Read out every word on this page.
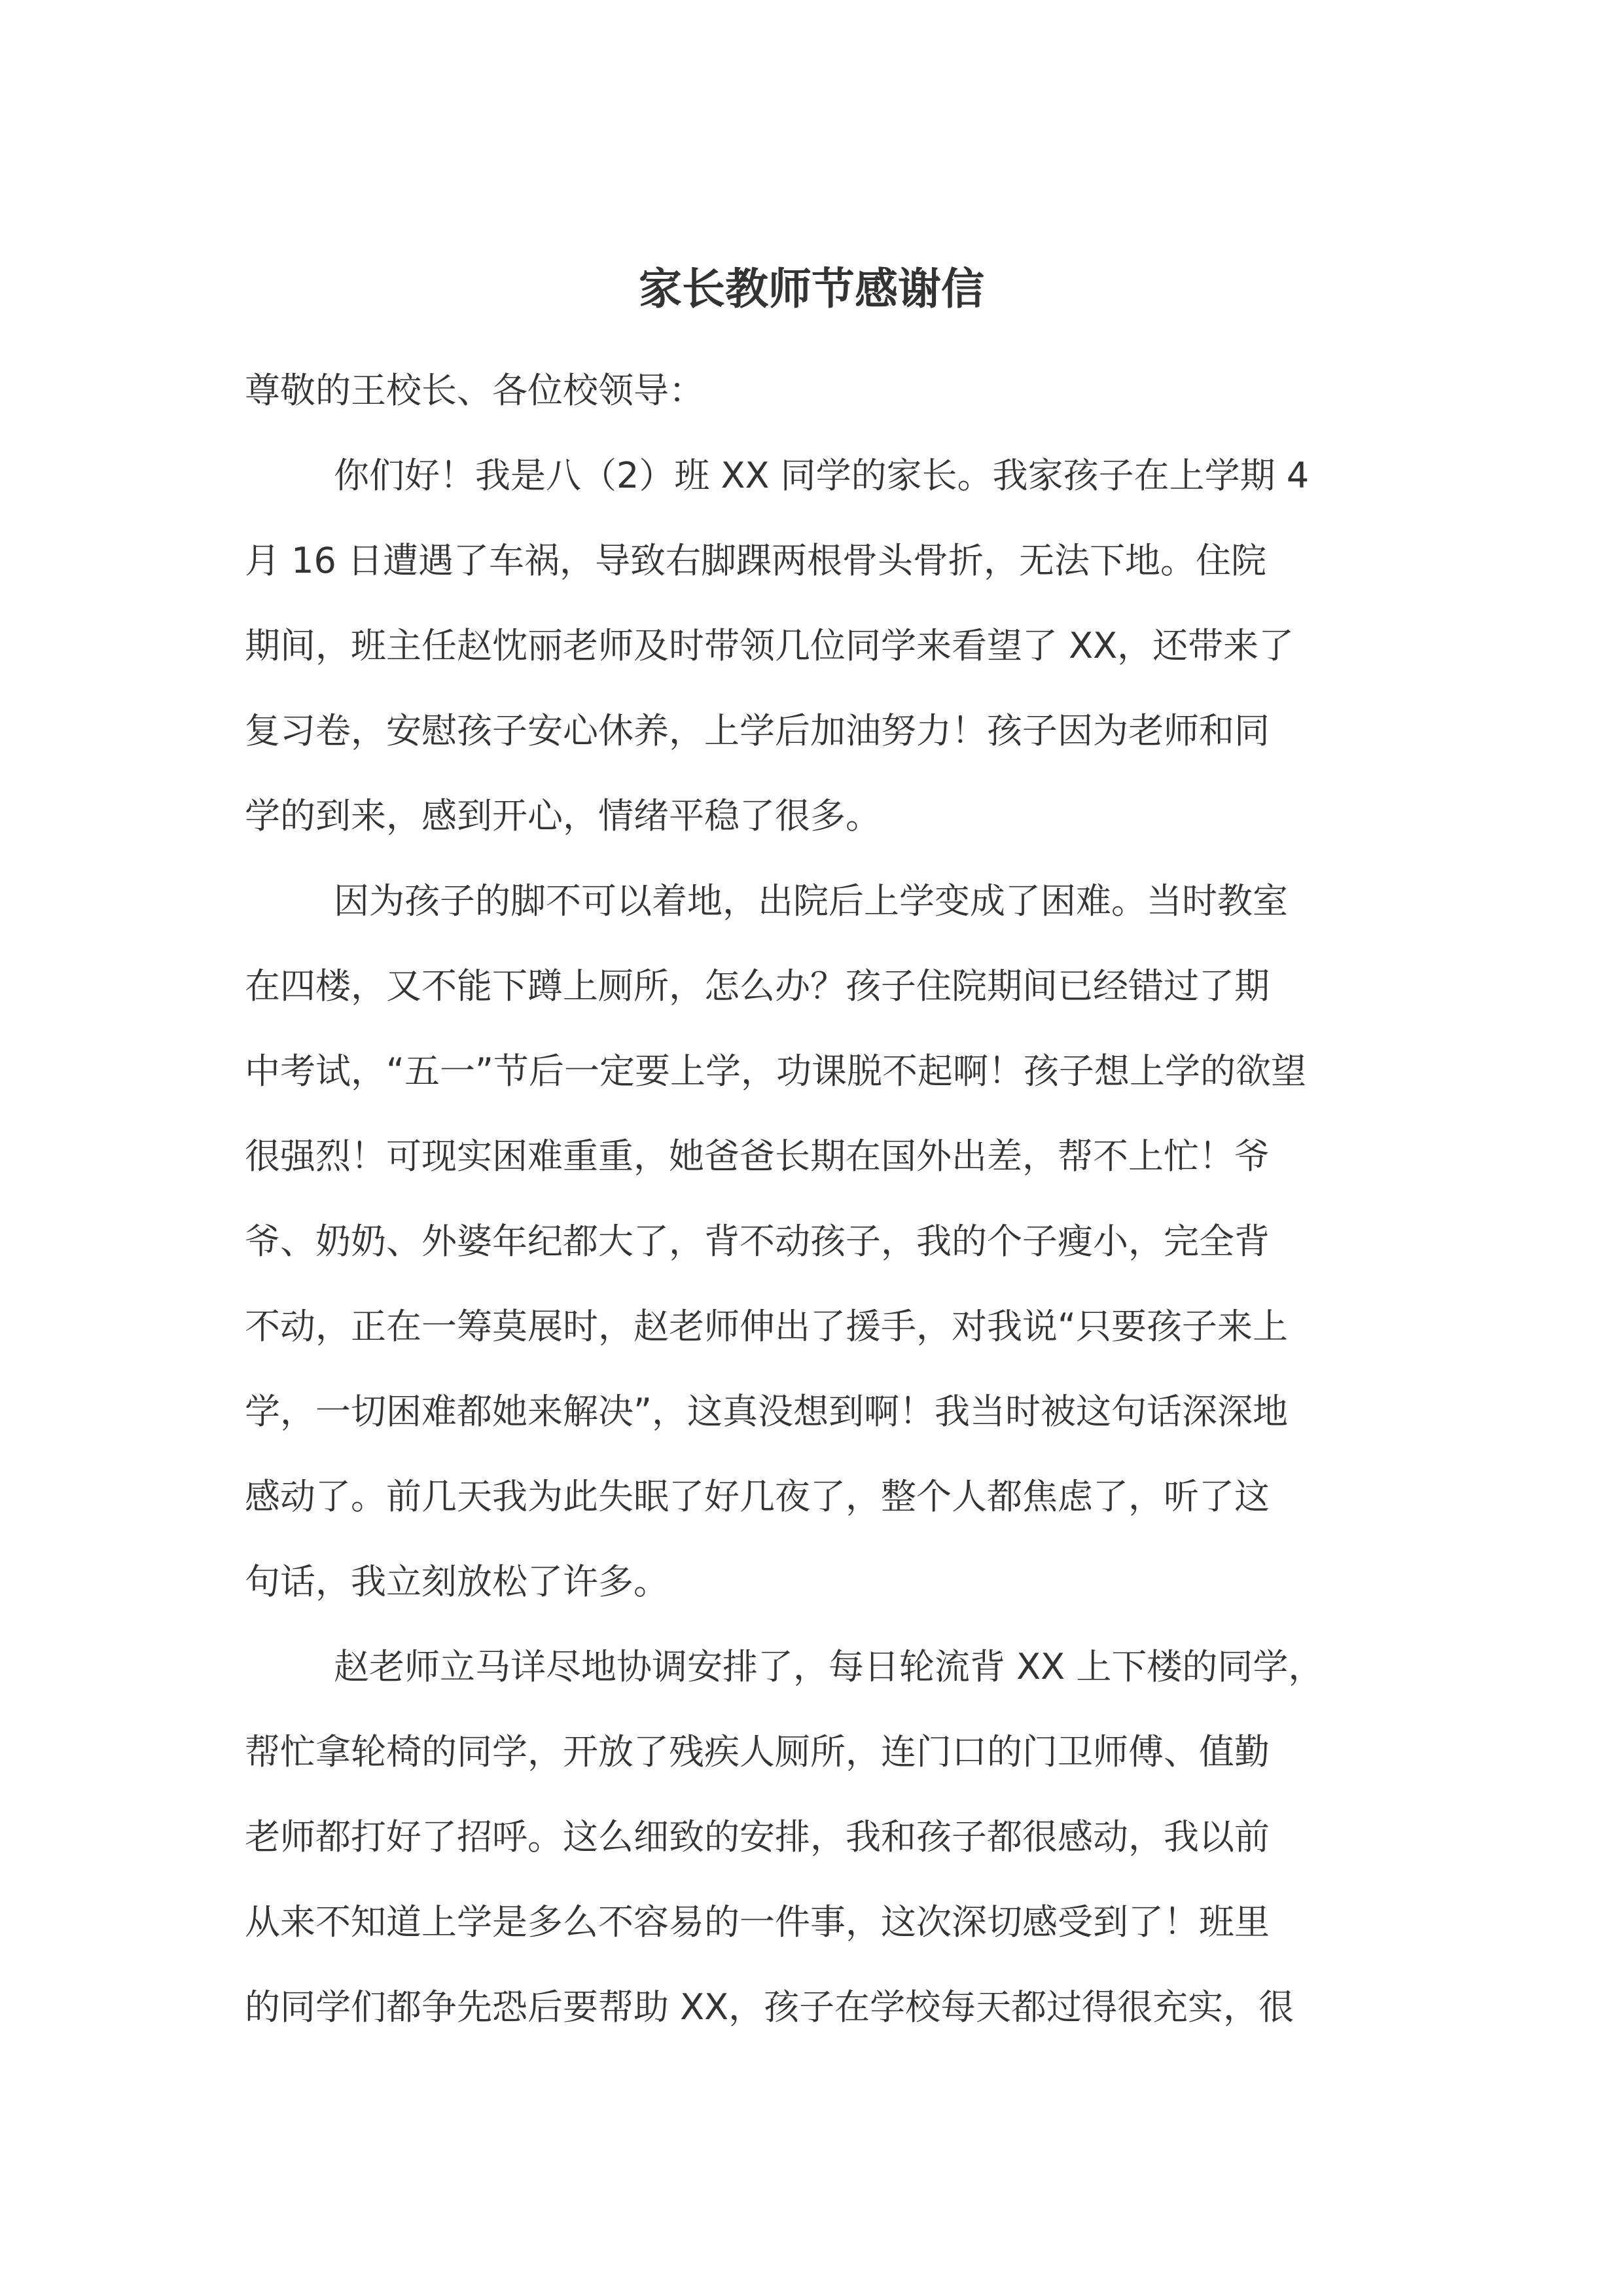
家长教师节感谢信
尊敬的王校长、各位校领导：
你们好！我是八（2）班 XX 同学的家长。我家孩子在上学期 4
月 16 日遭遇了车祸，导致右脚踝两根骨头骨折，无法下地。住院
期间，班主任赵忱丽老师及时带领几位同学来看望了 XX，还带来了
复习卷，安慰孩子安心休养，上学后加油努力！孩子因为老师和同
学的到来，感到开心，情绪平稳了很多。
因为孩子的脚不可以着地，出院后上学变成了困难。当时教室
在四楼，又不能下蹲上厕所，怎么办？孩子住院期间已经错过了期
中考试，“五一”节后一定要上学，功课脱不起啊！孩子想上学的欲望
很强烈！可现实困难重重，她爸爸长期在国外出差，帮不上忙！爷
爷、奶奶、外婆年纪都大了，背不动孩子，我的个子瘦小，完全背
不动，正在一筹莫展时，赵老师伸出了援手，对我说“只要孩子来上
学，一切困难都她来解决”，这真没想到啊！我当时被这句话深深地
感动了。前几天我为此失眠了好几夜了，整个人都焦虑了，听了这
句话，我立刻放松了许多。
赵老师立马详尽地协调安排了，每日轮流背 XX 上下楼的同学，
帮忙拿轮椅的同学，开放了残疾人厕所，连门口的门卫师傅、值勤
老师都打好了招呼。这么细致的安排，我和孩子都很感动，我以前
从来不知道上学是多么不容易的一件事，这次深切感受到了！班里
的同学们都争先恐后要帮助 XX，孩子在学校每天都过得很充实，很
